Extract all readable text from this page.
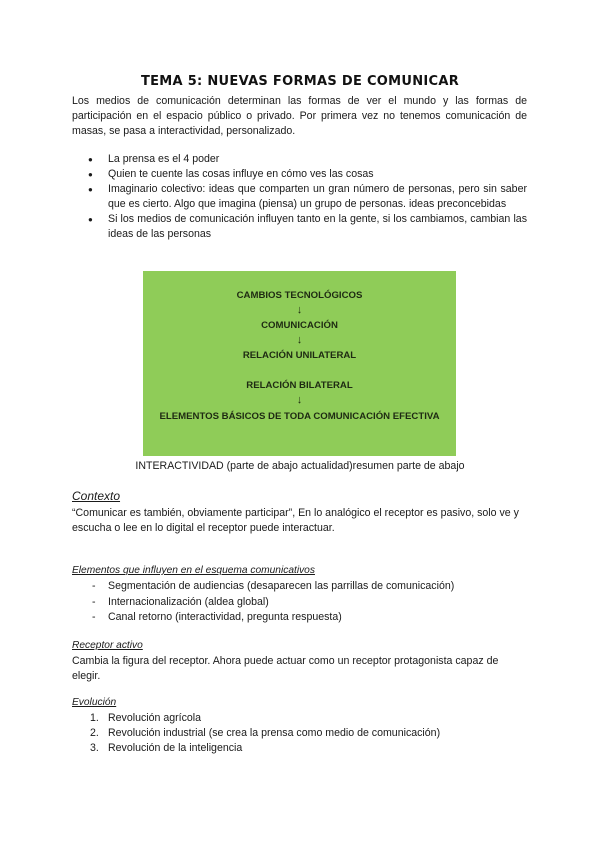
TEMA 5: NUEVAS FORMAS DE COMUNICAR

Los medios de comunicación determinan las formas de ver el mundo y las formas de participación en el espacio público o privado. Por primera vez no tenemos comunicación de masas, se pasa a interactividad, personalizado.

● La prensa es el 4 poder
● Quien te cuente las cosas influye en cómo ves las cosas
● Imaginario colectivo: ideas que comparten un gran número de personas, pero sin saber que es cierto. Algo que imagina (piensa) un grupo de personas. ideas preconcebidas
● Si los medios de comunicación influyen tanto en la gente, si los cambiamos, cambian las ideas de las personas
CAMBIOS TECNOLÓGICOS
↓
COMUNICACIÓN
↓
RELACIÓN UNILATERAL
RELACIÓN BILATERAL
↓
ELEMENTOS BÁSICOS DE TODA COMUNICACIÓN EFECTIVA
INTERACTIVIDAD (parte de abajo actualidad)resumen parte de abajo

Contexto

“Comunicar es también, obviamente participar”, En lo analógico el receptor es pasivo, solo ve y escucha o lee en lo digital el receptor puede interactuar.

Elementos que influyen en el esquema comunicativos

- Segmentación de audiencias (desaparecen las parrillas de comunicación)
- Internacionalización (aldea global)
- Canal retorno (interactividad, pregunta respuesta)

Receptor activo

Cambia la figura del receptor. Ahora puede actuar como un receptor protagonista capaz de elegir.

Evolución

1. Revolución agrícola
2. Revolución industrial (se crea la prensa como medio de comunicación)
3. Revolución de la inteligencia
